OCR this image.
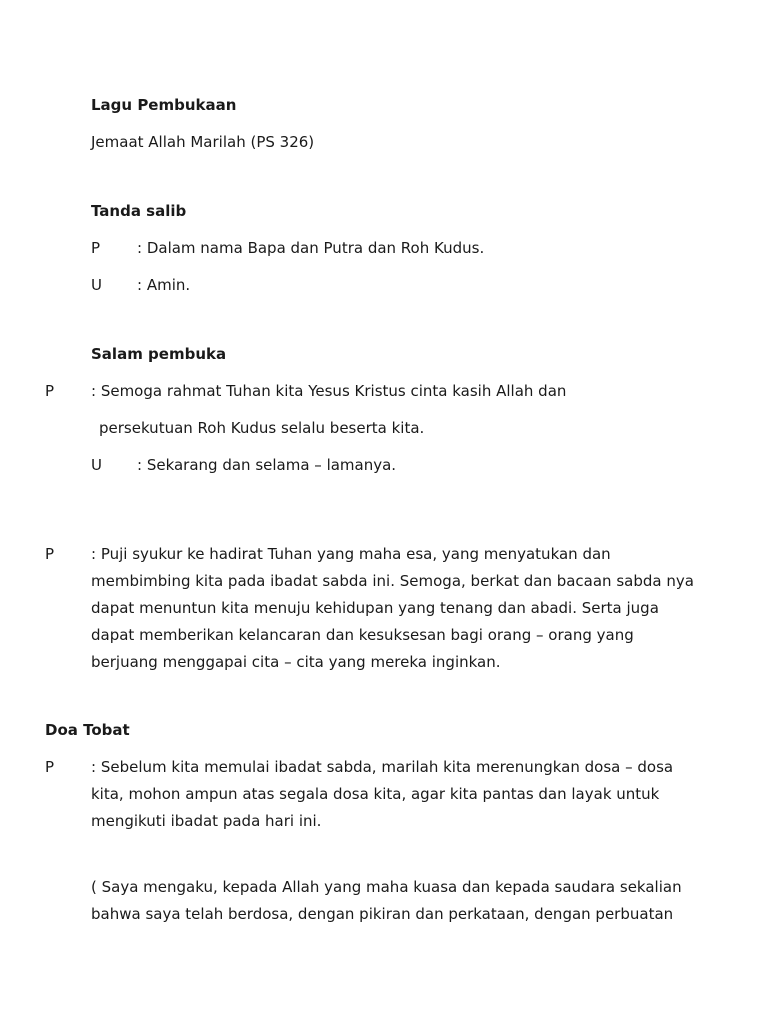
Lagu Pembukaan

Jemaat Allah Marilah (PS 326)

Tanda salib

P : Dalam nama Bapa dan Putra dan Roh Kudus.

U : Amin.

Salam pembuka

P : Semoga rahmat Tuhan kita Yesus Kristus cinta kasih Allah dan

persekutuan Roh Kudus selalu beserta kita.

U : Sekarang dan selama – lamanya.

P : Puji syukur ke hadirat Tuhan yang maha esa, yang menyatukan dan

membimbing kita pada ibadat sabda ini. Semoga, berkat dan bacaan sabda nya
dapat menuntun kita menuju kehidupan yang tenang dan abadi. Serta juga
dapat memberikan kelancaran dan kesuksesan bagi orang – orang yang
berjuang menggapai cita – cita yang mereka inginkan.

Doa Tobat

P : Sebelum kita memulai ibadat sabda, marilah kita merenungkan dosa – dosa

kita, mohon ampun atas segala dosa kita, agar kita pantas dan layak untuk
mengikuti ibadat pada hari ini.
( Saya mengaku, kepada Allah yang maha kuasa dan kepada saudara sekalian
bahwa saya telah berdosa, dengan pikiran dan perkataan, dengan perbuatan
